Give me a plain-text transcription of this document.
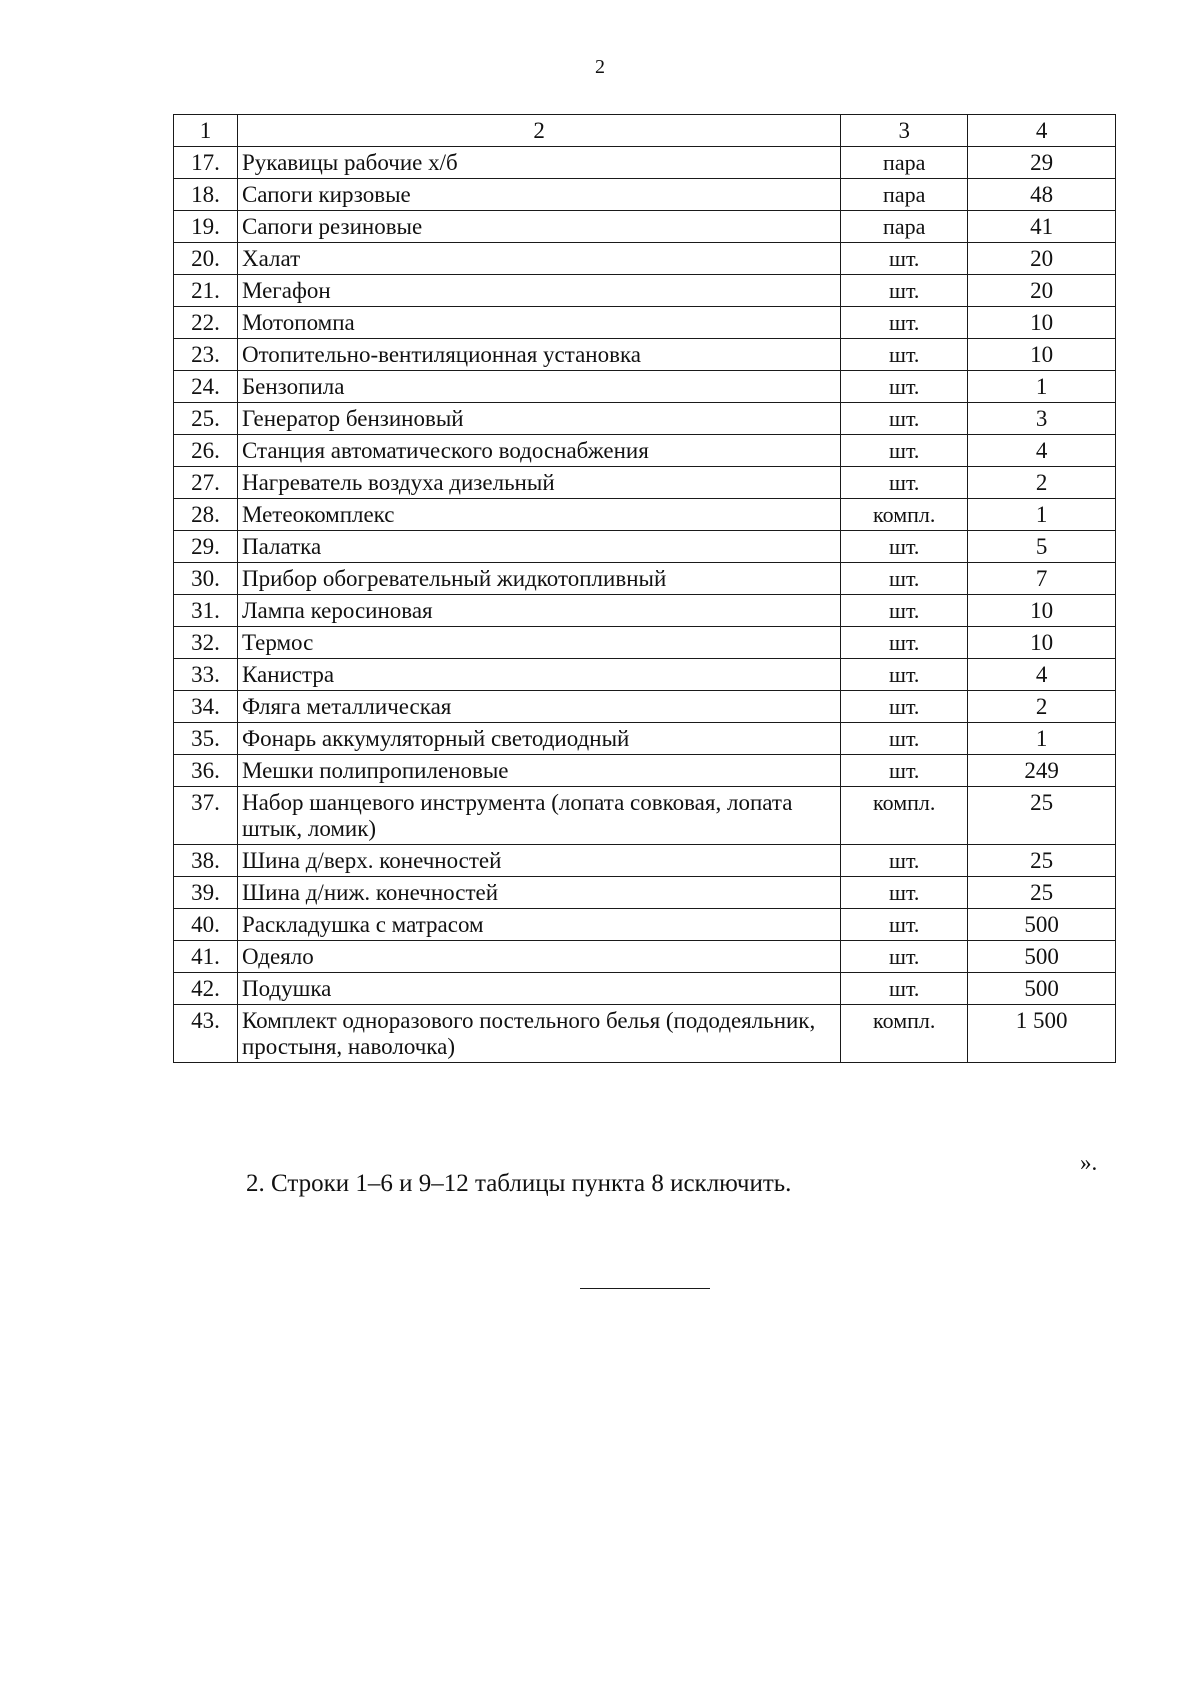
2
1	2	3	4
17.	Рукавицы рабочие х/б	пара	29
18.	Сапоги кирзовые	пара	48
19.	Сапоги резиновые	пара	41
20.	Халат	шт.	20
21.	Мегафон	шт.	20
22.	Мотопомпа	шт.	10
23.	Отопительно-вентиляционная установка	шт.	10
24.	Бензопила	шт.	1
25.	Генератор бензиновый	шт.	3
26.	Станция автоматического водоснабжения	шт.	4
27.	Нагреватель воздуха дизельный	шт.	2
28.	Метеокомплекс	компл.	1
29.	Палатка	шт.	5
30.	Прибор обогревательный жидкотопливный	шт.	7
31.	Лампа керосиновая	шт.	10
32.	Термос	шт.	10
33.	Канистра	шт.	4
34.	Фляга металлическая	шт.	2
35.	Фонарь аккумуляторный светодиодный	шт.	1
36.	Мешки полипропиленовые	шт.	249
37.	Набор шанцевого инструмента (лопата совковая, лопата штык, ломик)	компл.	25
38.	Шина д/верх. конечностей	шт.	25
39.	Шина д/ниж. конечностей	шт.	25
40.	Раскладушка с матрасом	шт.	500
41.	Одеяло	шт.	500
42.	Подушка	шт.	500
43.	Комплект одноразового постельного белья (пододеяльник, простыня, наволочка)	компл.	1 500
».
2. Строки 1–6 и 9–12 таблицы пункта 8 исключить.
